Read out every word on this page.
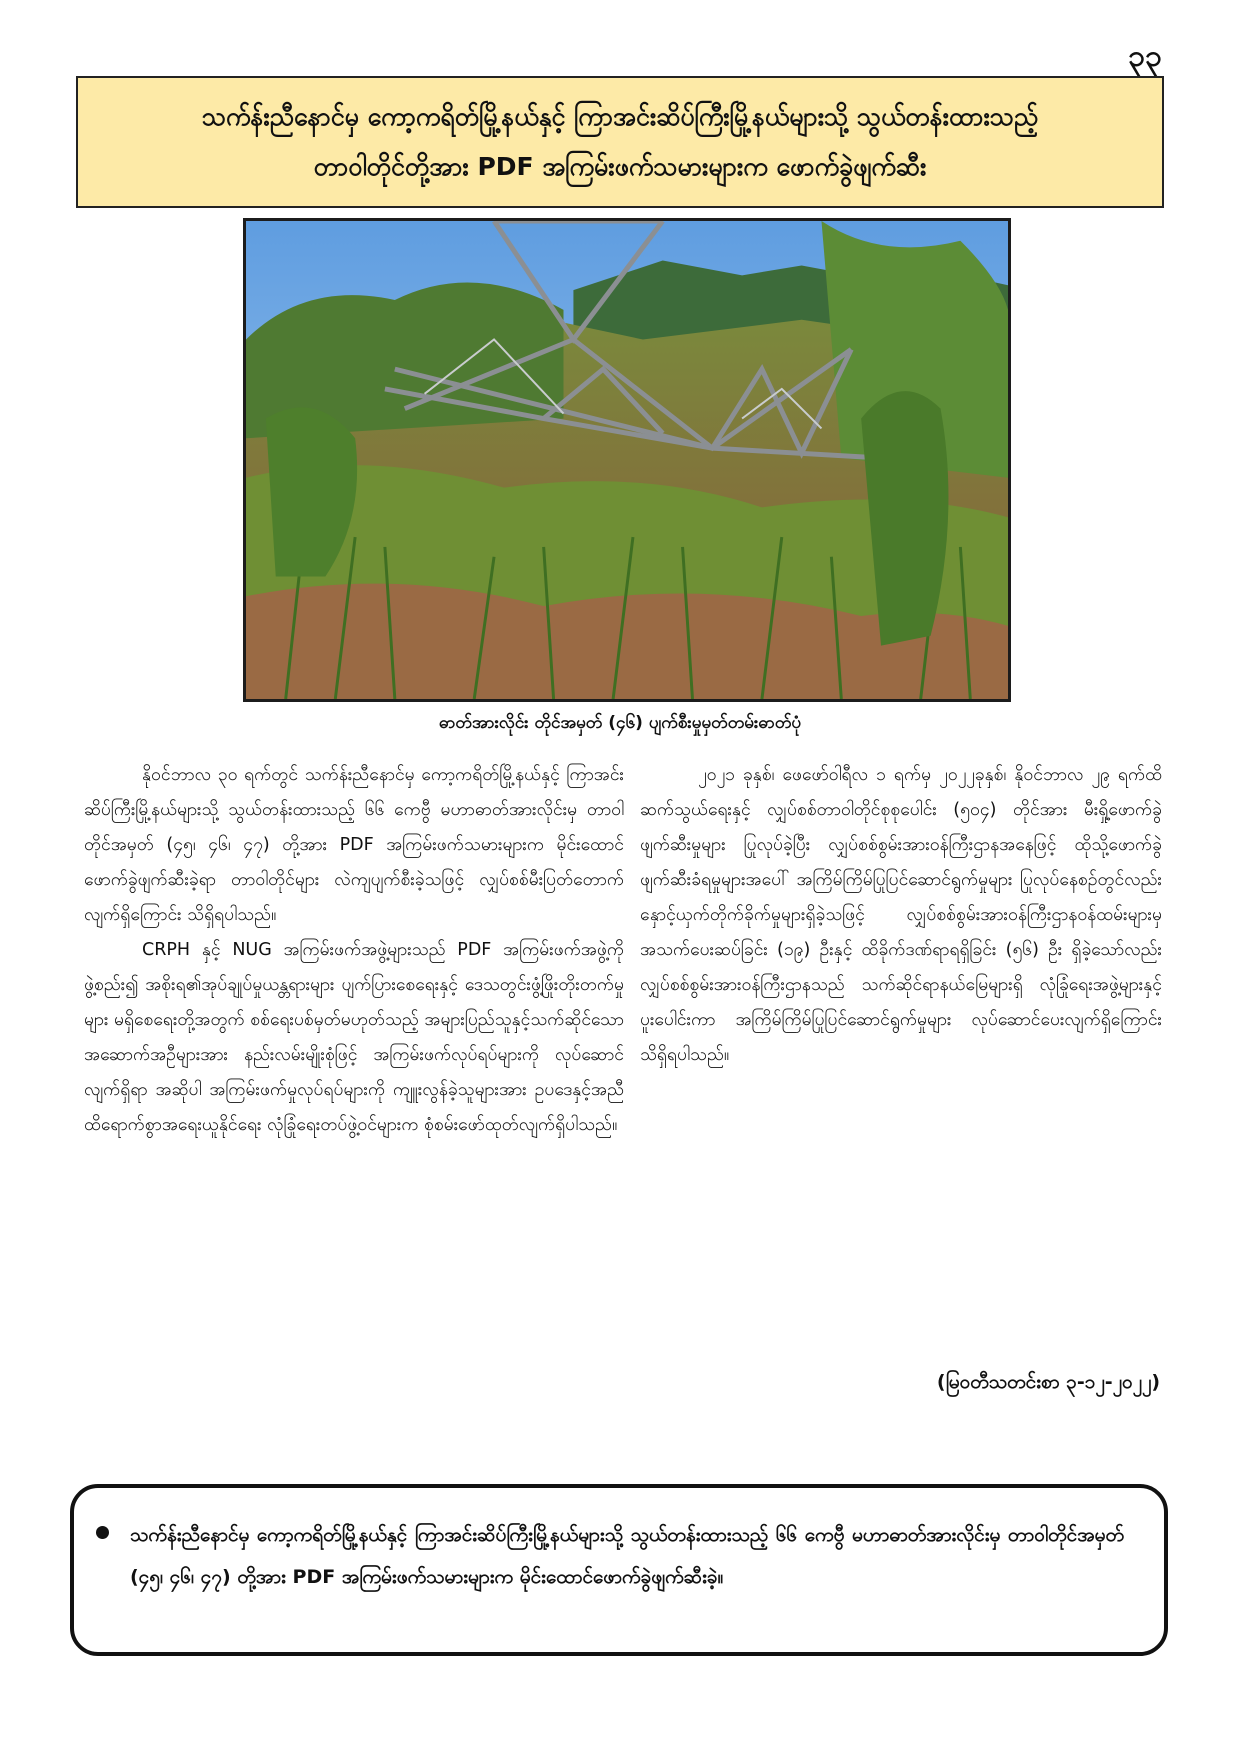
၃၃
သက်န်းညီနောင်မှ ကော့ကရိတ်မြို့နယ်နှင့် ကြာအင်းဆိပ်ကြီးမြို့နယ်များသို့ သွယ်တန်းထားသည့်
တာဝါတိုင်တို့အား PDF အကြမ်းဖက်သမားများက ဖောက်ခွဲဖျက်ဆီး
ဓာတ်အားလိုင်း တိုင်အမှတ် (၄၆) ပျက်စီးမှုမှတ်တမ်းဓာတ်ပုံ

နိုဝင်ဘာလ ၃၀ ရက်တွင် သက်န်းညီနောင်မှ ကော့ကရိတ်မြို့နယ်နှင့် ကြာအင်းဆိပ်ကြီးမြို့နယ်များသို့ သွယ်တန်းထားသည့် ၆၆ ကေဗွီ မဟာဓာတ်အားလိုင်းမှ တာဝါတိုင်အမှတ် (၄၅၊ ၄၆၊ ၄၇) တို့အား PDF အကြမ်းဖက်သမားများက မိုင်းထောင်ဖောက်ခွဲဖျက်ဆီးခဲ့ရာ တာဝါတိုင်များ လဲကျပျက်စီးခဲ့သဖြင့် လျှပ်စစ်မီးပြတ်တောက်လျက်ရှိကြောင်း သိရှိရပါသည်။

CRPH နှင့် NUG အကြမ်းဖက်အဖွဲ့များသည် PDF အကြမ်းဖက်အဖွဲ့ကိုဖွဲ့စည်း၍ အစိုးရ၏အုပ်ချုပ်မှုယန္တရားများ ပျက်ပြားစေရေးနှင့် ဒေသတွင်းဖွံ့ဖြိုးတိုးတက်မှုများ မရှိစေရေးတို့အတွက် စစ်ရေးပစ်မှတ်မဟုတ်သည့် အများပြည်သူနှင့်သက်ဆိုင်သော အဆောက်အဦများအား နည်းလမ်းမျိုးစုံဖြင့် အကြမ်းဖက်လုပ်ရပ်များကို လုပ်ဆောင်လျက်ရှိရာ အဆိုပါ အကြမ်းဖက်မှုလုပ်ရပ်များကို ကျူးလွန်ခဲ့သူများအား ဥပဒေနှင့်အညီ ထိရောက်စွာအရေးယူနိုင်ရေး လုံခြုံရေးတပ်ဖွဲ့ဝင်များက စုံစမ်းဖော်ထုတ်လျက်ရှိပါသည်။

၂၀၂၁ ခုနှစ်၊ ဖေဖော်ဝါရီလ ၁ ရက်မှ ၂၀၂၂ခုနှစ်၊ နိုဝင်ဘာလ ၂၉ ရက်ထိ ဆက်သွယ်ရေးနှင့် လျှပ်စစ်တာဝါတိုင်စုစုပေါင်း (၅၀၄) တိုင်အား မီးရှို့ဖောက်ခွဲဖျက်ဆီးမှုများ ပြုလုပ်ခဲ့ပြီး လျှပ်စစ်စွမ်းအားဝန်ကြီးဌာနအနေဖြင့် ထိုသို့ဖောက်ခွဲဖျက်ဆီးခံရမှုများအပေါ် အကြိမ်ကြိမ်ပြုပြင်ဆောင်ရွက်မှုများ ပြုလုပ်နေစဉ်တွင်လည်း နှောင့်ယှက်တိုက်ခိုက်မှုများရှိခဲ့သဖြင့် လျှပ်စစ်စွမ်းအားဝန်ကြီးဌာနဝန်ထမ်းများမှ အသက်ပေးဆပ်ခြင်း (၁၉) ဦးနှင့် ထိခိုက်ဒဏ်ရာရရှိခြင်း (၅၆) ဦး ရှိခဲ့သော်လည်း လျှပ်စစ်စွမ်းအားဝန်ကြီးဌာနသည် သက်ဆိုင်ရာနယ်မြေများရှိ လုံခြုံရေးအဖွဲ့များနှင့်ပူးပေါင်းကာ အကြိမ်ကြိမ်ပြုပြင်ဆောင်ရွက်မှုများ လုပ်ဆောင်ပေးလျက်ရှိကြောင်း သိရှိရပါသည်။

(မြဝတီသတင်းစာ ၃-၁၂-၂၀၂၂)
သက်န်းညီနောင်မှ ကော့ကရိတ်မြို့နယ်နှင့် ကြာအင်းဆိပ်ကြီးမြို့နယ်များသို့ သွယ်တန်းထားသည့် ၆၆ ကေဗွီ မဟာဓာတ်အားလိုင်းမှ တာဝါတိုင်အမှတ် (၄၅၊ ၄၆၊ ၄၇) တို့အား PDF အကြမ်းဖက်သမားများက မိုင်းထောင်ဖောက်ခွဲဖျက်ဆီးခဲ့။
